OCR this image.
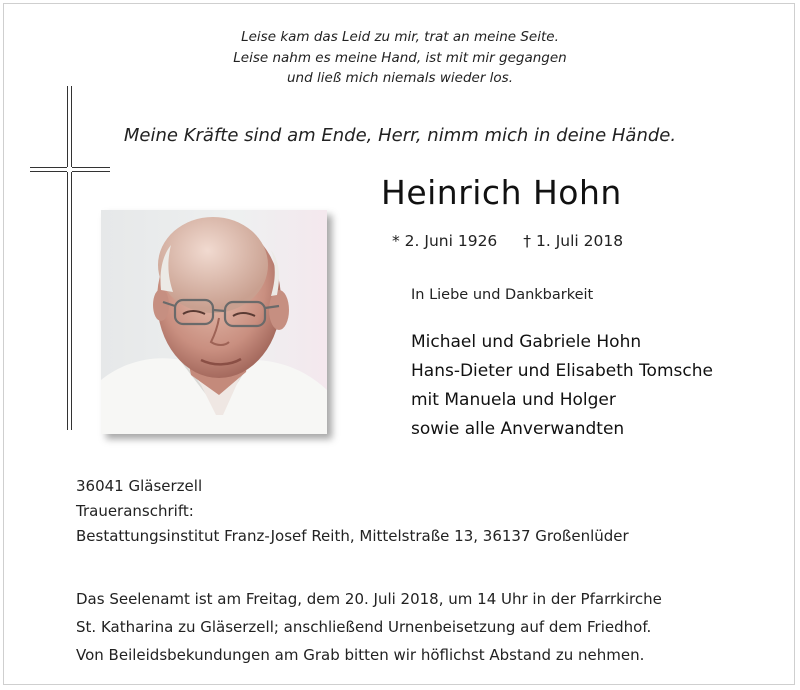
Leise kam das Leid zu mir, trat an meine Seite.
Leise nahm es meine Hand, ist mit mir gegangen
und ließ mich niemals wieder los.
Meine Kräfte sind am Ende, Herr, nimm mich in deine Hände.
Heinrich Hohn
* 2. Juni 1926 † 1. Juli 2018
In Liebe und Dankbarkeit
Michael und Gabriele Hohn
Hans-Dieter und Elisabeth Tomsche
mit Manuela und Holger
sowie alle Anverwandten
36041 Gläserzell
Traueranschrift:
Bestattungsinstitut Franz-Josef Reith, Mittelstraße 13, 36137 Großenlüder
Das Seelenamt ist am Freitag, dem 20. Juli 2018, um 14 Uhr in der Pfarrkirche
St. Katharina zu Gläserzell; anschließend Urnenbeisetzung auf dem Friedhof.
Von Beileidsbekundungen am Grab bitten wir höflichst Abstand zu nehmen.
